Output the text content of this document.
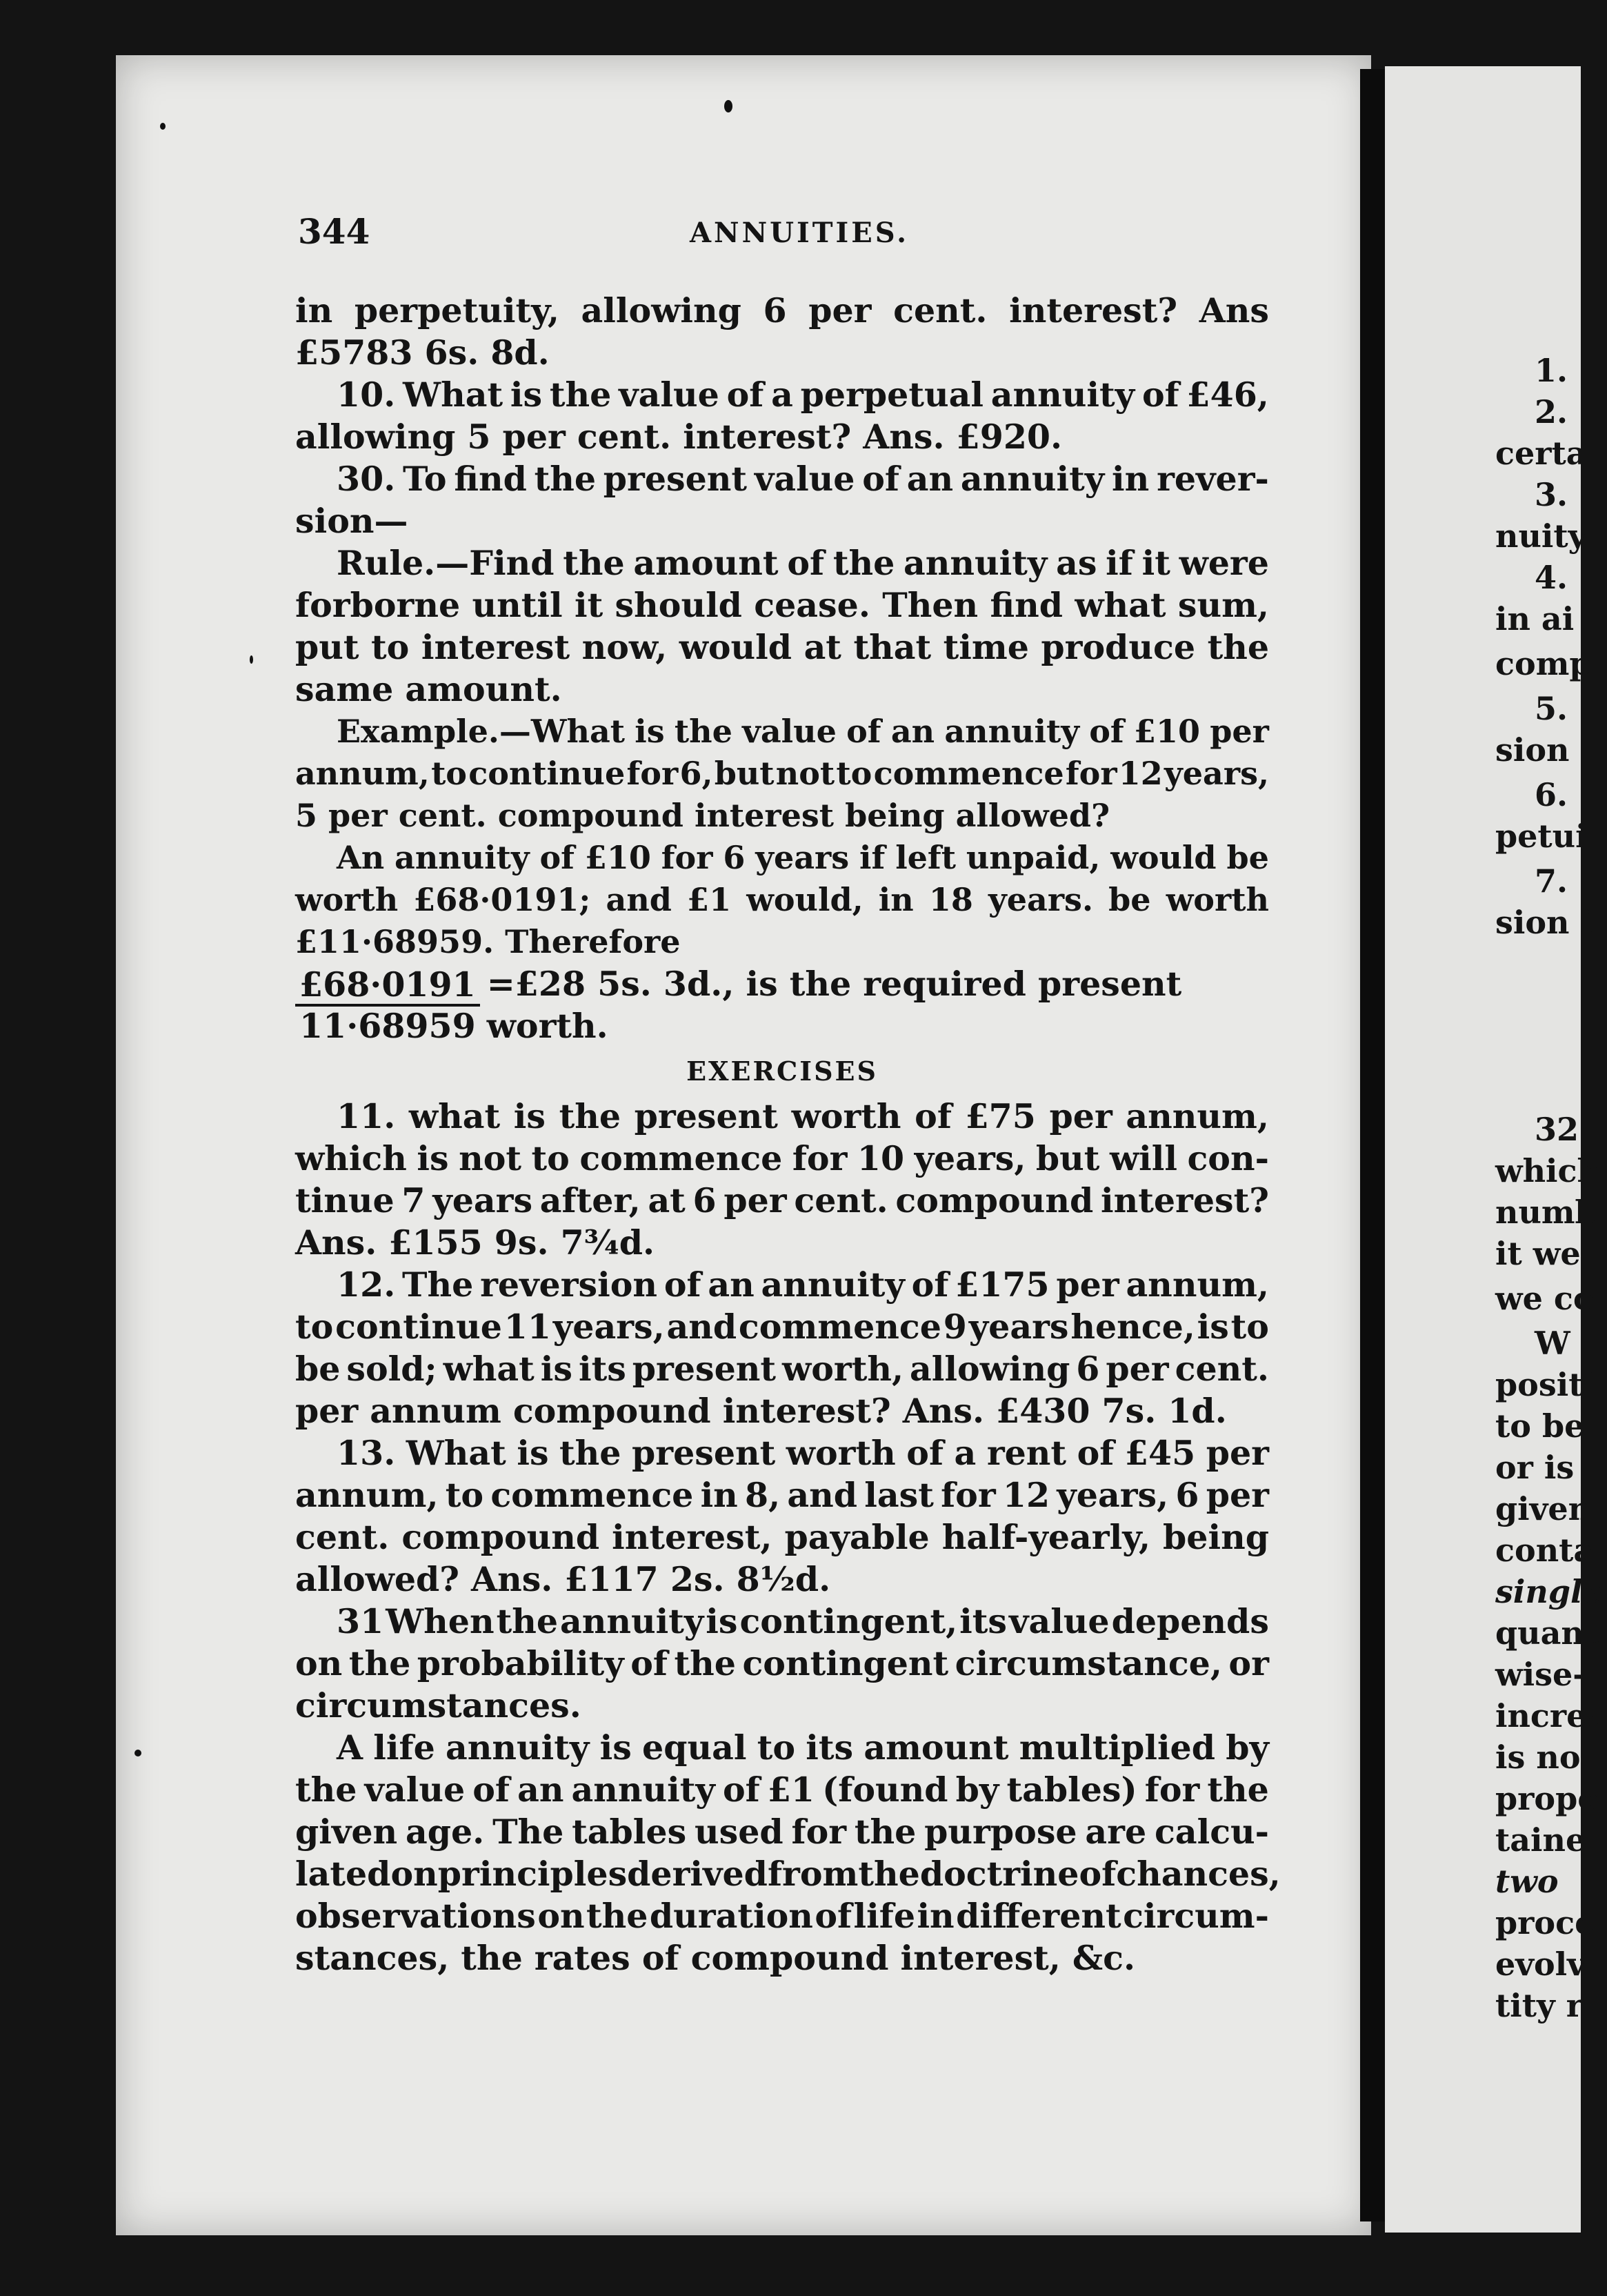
1.
2.
certa
3.
nuity
4.
in ai
comp
5.
sion
6.
petui
7.
sion i
32
which
numb
it we
we co
W
positi
to be
or is
given
conta
single
quant
wise-
increa
is no
propo
taine
two
proce
evolv
tity r
344	ANNUITIES.
in perpetuity, allowing 6 per cent. interest? Ans
£5783 6s. 8d.
10. What is the value of a perpetual annuity of £46,
allowing 5 per cent. interest? Ans. £920.
30. To find the present value of an annuity in rever-
sion—
Rule.—Find the amount of the annuity as if it were
forborne until it should cease. Then find what sum,
put to interest now, would at that time produce the
same amount.
Example.—What is the value of an annuity of £10 per
annum, to continue for 6, but not to commence for 12 years,
5 per cent. compound interest being allowed?
An annuity of £10 for 6 years if left unpaid, would be
worth £68·0191; and £1 would, in 18 years. be worth
£11·68959. Therefore
$\frac{£68\cdot 0191}{11\cdot 68959}$ =£28 5s. 3d., is the required present worth.
EXERCISES
11. what is the present worth of £75 per annum,
which is not to commence for 10 years, but will con-
tinue 7 years after, at 6 per cent. compound interest?
Ans. £155 9s. 7¾d.
12. The reversion of an annuity of £175 per annum,
to continue 11 years, and commence 9 years hence, is to
be sold; what is its present worth, allowing 6 per cent.
per annum compound interest? Ans. £430 7s. 1d.
13. What is the present worth of a rent of £45 per
annum, to commence in 8, and last for 12 years, 6 per
cent. compound interest, payable half-yearly, being
allowed? Ans. £117 2s. 8½d.
31 When the annuity is contingent, its value depends
on the probability of the contingent circumstance, or
circumstances.
A life annuity is equal to its amount multiplied by
the value of an annuity of £1 (found by tables) for the
given age. The tables used for the purpose are calcu-
lated on principles derived from the doctrine of chances,
observations on the duration of life in different circum-
stances, the rates of compound interest, &c.
